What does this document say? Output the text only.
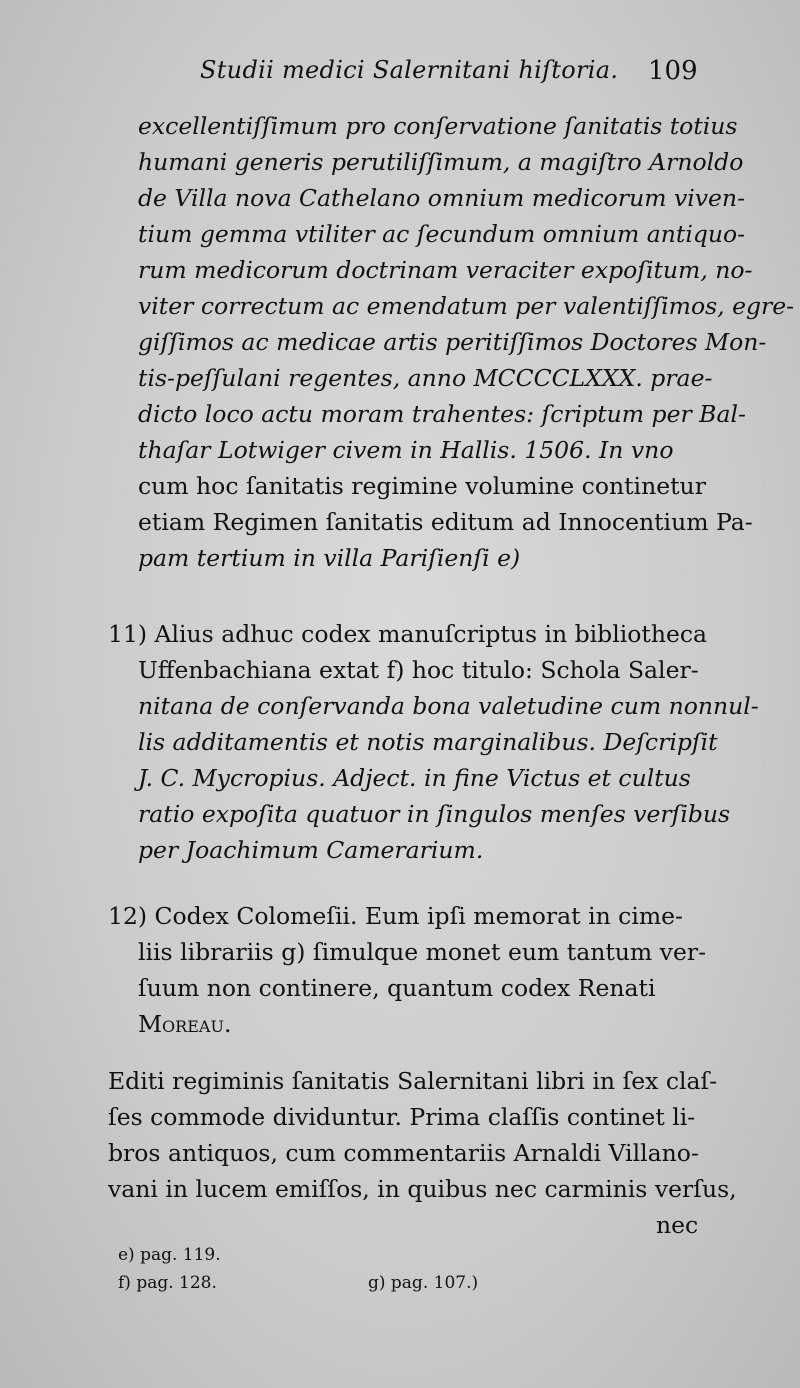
Studii medici Salernitani hiſtoria. 109
excellentiſſimum pro conſervatione ſanitatis totius
humani generis perutiliſſimum, a magiſtro Arnoldo
de Villa nova Cathelano omnium medicorum viven-
tium gemma vtiliter ac ſecundum omnium antiquo-
rum medicorum doctrinam veraciter expoſitum, no-
viter correctum ac emendatum per valentiſſimos, egre-
giſſimos ac medicae artis peritiſſimos Doctores Mon-
tis-peſſulani regentes, anno MCCCCLXXX. prae-
dicto loco actu moram trahentes: ſcriptum per Bal-
thaſar Lotwiger civem in Hallis. 1506. In vno
cum hoc ſanitatis regimine volumine continetur
etiam Regimen ſanitatis editum ad Innocentium Pa-
pam tertium in villa Pariſienſi e)
11) Alius adhuc codex manuſcriptus in bibliotheca
Uffenbachiana extat f) hoc titulo: Schola Saler-
nitana de conſervanda bona valetudine cum nonnul-
lis additamentis et notis marginalibus. Deſcripſit
J. C. Mycropius. Adject. in fine Victus et cultus
ratio expoſita quatuor in ſingulos menſes verſibus
per Joachimum Camerarium.
12) Codex Colomeſii. Eum ipſi memorat in cime-
liis librariis g) ſimulque monet eum tantum ver-
ſuum non continere, quantum codex Renati
Moreau.
Editi regiminis ſanitatis Salernitani libri in ſex claſ-
ſes commode dividuntur. Prima claſſis continet li-
bros antiquos, cum commentariis Arnaldi Villano-
vani in lucem emiſſos, in quibus nec carminis verſus,
nec
e) pag. 119.
f) pag. 128.	g) pag. 107.)
